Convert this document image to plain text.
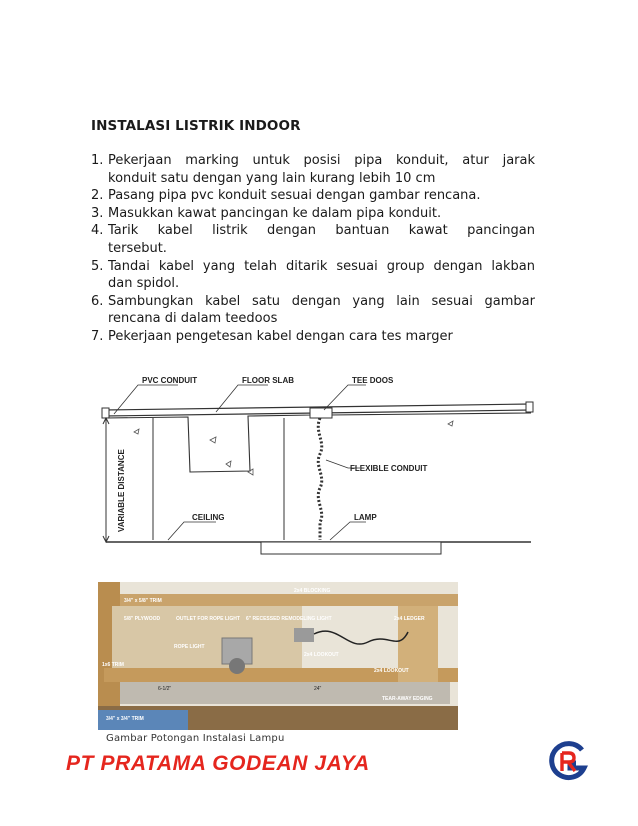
INSTALASI LISTRIK INDOOR
1. Pekerjaan marking untuk posisi pipa konduit, atur jarak
konduit satu dengan yang lain kurang lebih 10 cm
2. Pasang pipa pvc konduit sesuai dengan gambar rencana.
3. Masukkan kawat pancingan ke dalam pipa konduit.
4. Tarik kabel listrik dengan bantuan kawat pancingan
tersebut.
5. Tandai kabel yang telah ditarik sesuai group dengan lakban
dan spidol.
6. Sambungkan kabel satu dengan yang lain sesuai gambar
rencana di dalam teedoos
7. Pekerjaan pengetesan kabel dengan cara tes marger
VARIABLE DISTANCE
PVC CONDUIT	FLOOR SLAB	TEE DOOS
FLEXIBLE CONDUIT
CEILING	LAMP
2x4 BLOCKING
3/4" x 5/8" TRIM
5/8" PLYWOOD	OUTLET FOR ROPE LIGHT 6" RECESSED REMODELING LIGHT	2x4 LEDGER
ROPE LIGHT
1x6 TRIM
2x4 LOOKOUT
2x4 LOOKOUT
6-1/2"	24"
TEAR-AWAY EDGING
3/4" x 3/4" TRIM
Gambar Potongan Instalasi Lampu
PT PRATAMA GODEAN JAYA
